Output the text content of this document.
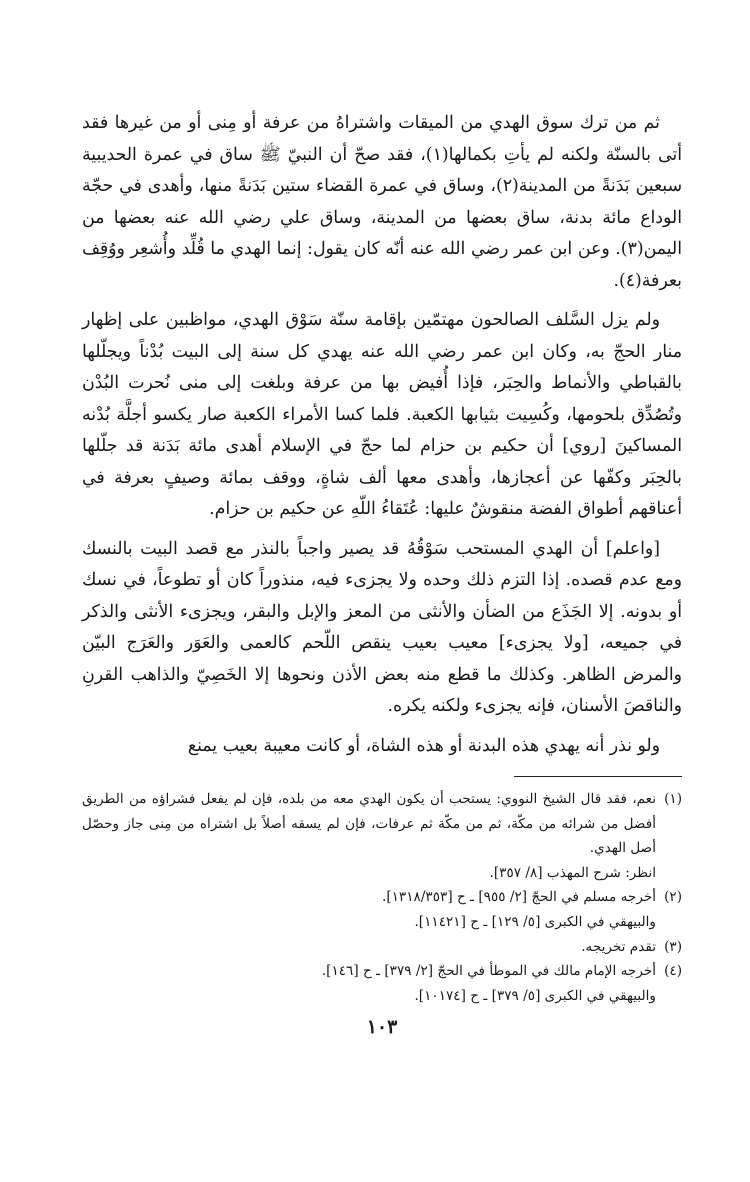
ثم من ترك سوق الهدي من الميقات واشتراهُ من عرفة أو مِنى أو من غيرها فقد أتى بالسنّة ولكنه لم يأتِ بكمالها(١)، فقد صحّ أن النبيّ ﷺ ساق في عمرة الحديبية سبعين بَدَنةً من المدينة(٢)، وساق في عمرة القضاء ستين بَدَنةً منها، وأهدى في حجّة الوداع مائة بدنة، ساق بعضها من المدينة، وساق علي رضي الله عنه بعضها من اليمن(٣). وعن ابن عمر رضي الله عنه أنّه كان يقول: إنما الهدي ما قُلِّد وأُشعِر ووُقِف بعرفة(٤).

ولم يزل السَّلف الصالحون مهتمّين بإقامة سنّة سَوْق الهدي، مواظبين على إظهار منار الحجّ به، وكان ابن عمر رضي الله عنه يهدي كل سنة إلى البيت بُدْناً ويجلّلها بالقباطي والأنماط والحِبَر، فإذا أُفيض بها من عرفة وبلغت إلى منى نُحرت البُدْن وتُصُدِّق بلحومها، وكُسِيت بثيابها الكعبة. فلما كسا الأمراء الكعبة صار يكسو أجلَّة بُدْنه المساكينَ [روي] أن حكيم بن حزام لما حجّ في الإسلام أهدى مائة بَدَنة قد جلّلها بالحِبَر وكفّها عن أعجازها، وأهدى معها ألف شاةٍ، ووقف بمائة وصيفٍ بعرفة في أعناقهم أطواق الفضة منقوشٌ عليها: عُتَقاءُ اللّهِ عن حكيم بن حزام.

[واعلم] أن الهدي المستحب سَوْقُهُ قد يصير واجباً بالنذر مع قصد البيت بالنسك ومع عدم قصده. إذا التزم ذلك وحده ولا يجزىء فيه، منذوراً كان أو تطوعاً، في نسك أو بدونه. إلا الجَذَع من الضأن والأنثى من المعز والإبل والبقر، ويجزىء الأنثى والذكر في جميعه، [ولا يجزىء] معيب بعيب ينقص اللّحم كالعمى والعَوَر والعَرَج البيّن والمرض الظاهر. وكذلك ما قطع منه بعض الأذن ونحوها إلا الخَصِيّ والذاهب القرنِ والناقصَ الأسنان، فإنه يجزىء ولكنه يكره.

ولو نذر أنه يهدي هذه البدنة أو هذه الشاة، أو كانت معيبة بعيب يمنع

(١)
نعم، فقد قال الشيخ النووي: يستحب أن يكون الهدي معه من بلده، فإن لم يفعل فشراؤه من الطريق أفضل من شرائه من مكّة، ثم من مكّة ثم عرفات، فإن لم يسقه أصلاً بل اشتراه من مِنى جاز وحصّل أصل الهدي.
انظر: شرح المهذب [٨/ ٣٥٧].
(٢)
أخرجه مسلم في الحجّ [٢/ ٩٥٥] ـ ح [١٣١٨/٣٥٣].
والبيهقي في الكبرى [٥/ ١٢٩] ـ ح [١١٤٢١].
(٣)
تقدم تخريجه.
(٤)
أخرجه الإمام مالك في الموطأ في الحجّ [٢/ ٣٧٩] ـ ح [١٤٦].
والبيهقي في الكبرى [٥/ ٣٧٩] ـ ح [١٠١٧٤].
١٠٣
